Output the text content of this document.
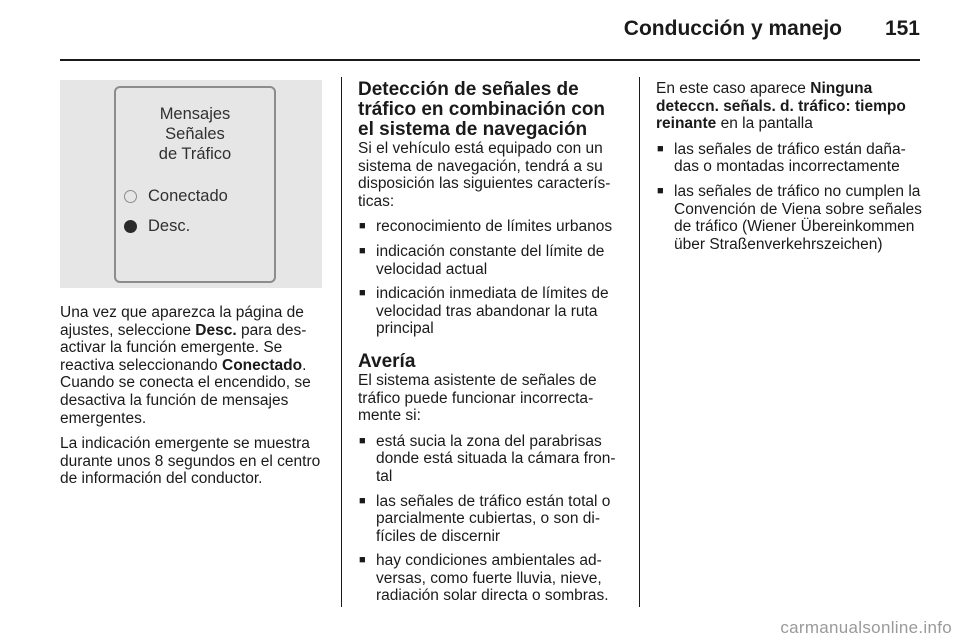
Conducción y manejo 151
Mensajes
Señales
de Tráfico
Conectado
Desc.

Una vez que aparezca la página de ajustes, seleccione Desc. para desactivar la función emergente. Se reactiva seleccionando Conectado. Cuando se conecta el encendido, se desactiva la función de mensajes emergentes.

La indicación emergente se muestra durante unos 8 segundos en el centro de información del conductor.

Detección de señales de tráfico en combinación con el sistema de navegación

Si el vehículo está equipado con un sistema de navegación, tendrá a su disposición las siguientes características:

■ reconocimiento de límites urbanos
■ indicación constante del límite de velocidad actual
■ indicación inmediata de límites de velocidad tras abandonar la ruta principal
Avería

El sistema asistente de señales de tráfico puede funcionar incorrectamente si:

■ está sucia la zona del parabrisas donde está situada la cámara frontal
■ las señales de tráfico están total o parcialmente cubiertas, o son difíciles de discernir
■ hay condiciones ambientales adversas, como fuerte lluvia, nieve, radiación solar directa o sombras.

En este caso aparece Ninguna deteccn. señals. d. tráfico: tiempo reinante en la pantalla

■ las señales de tráfico están dañadas o montadas incorrectamente
■ las señales de tráfico no cumplen la Convención de Viena sobre señales de tráfico (Wiener Übereinkommen über Straßenverkehrszeichen)
carmanualsonline.info
